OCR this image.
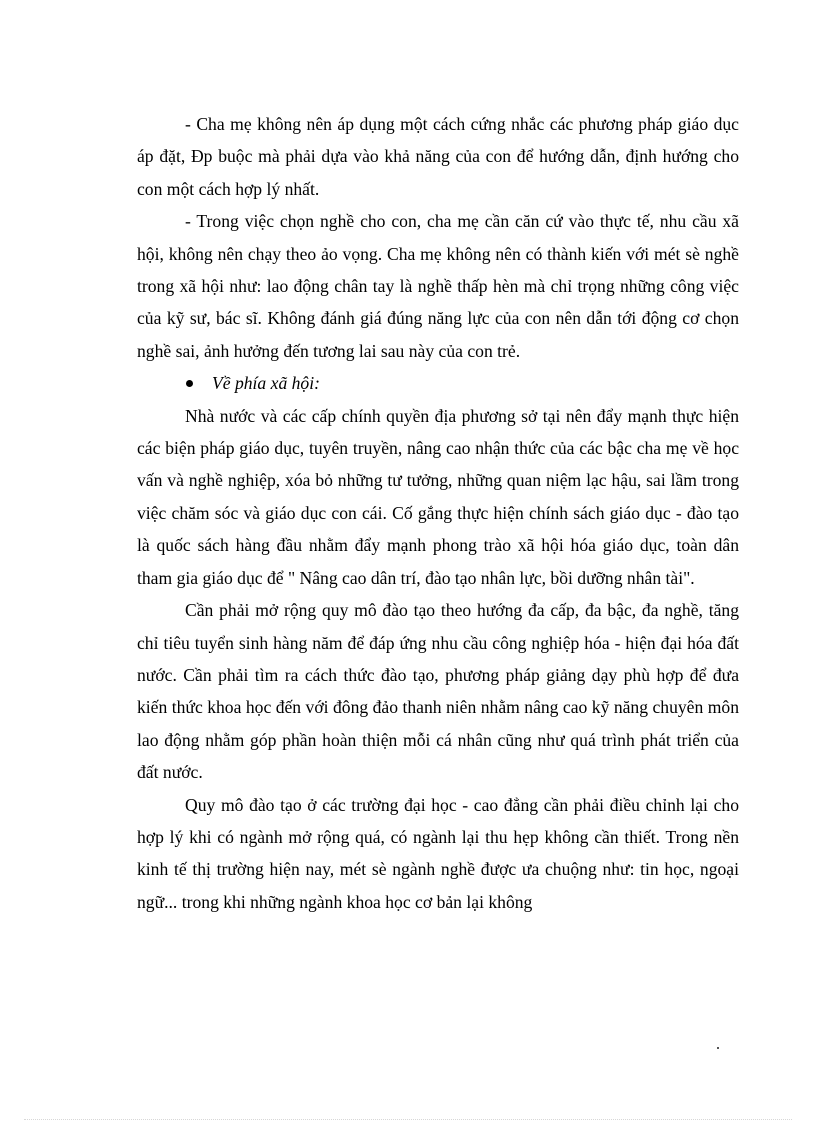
- Cha mẹ không nên áp dụng một cách cứng nhắc các phương pháp giáo dục áp đặt, Đp buộc mà phải dựa vào khả năng của con để hướng dẫn, định hướng cho con một cách hợp lý nhất.

- Trong việc chọn nghề cho con, cha mẹ cần căn cứ vào thực tế, nhu cầu xã hội, không nên chạy theo ảo vọng. Cha mẹ không nên có thành kiến với mét sè nghề trong xã hội như: lao động chân tay là nghề thấp hèn mà chỉ trọng những công việc của kỹ sư, bác sĩ. Không đánh giá đúng năng lực của con nên dẫn tới động cơ chọn nghề sai, ảnh hưởng đến tương lai sau này của con trẻ.

Về phía xã hội:

Nhà nước và các cấp chính quyền địa phương sở tại nên đẩy mạnh thực hiện các biện pháp giáo dục, tuyên truyền, nâng cao nhận thức của các bậc cha mẹ về học vấn và nghề nghiệp, xóa bỏ những tư tưởng, những quan niệm lạc hậu, sai lầm trong việc chăm sóc và giáo dục con cái. Cố gắng thực hiện chính sách giáo dục - đào tạo là quốc sách hàng đầu nhằm đẩy mạnh phong trào xã hội hóa giáo dục, toàn dân tham gia giáo dục để " Nâng cao dân trí, đào tạo nhân lực, bồi dưỡng nhân tài".

Cần phải mở rộng quy mô đào tạo theo hướng đa cấp, đa bậc, đa nghề, tăng chỉ tiêu tuyển sinh hàng năm để đáp ứng nhu cầu công nghiệp hóa - hiện đại hóa đất nước. Cần phải tìm ra cách thức đào tạo, phương pháp giảng dạy phù hợp để đưa kiến thức khoa học đến với đông đảo thanh niên nhằm nâng cao kỹ năng chuyên môn lao động nhằm góp phần hoàn thiện mỗi cá nhân cũng như quá trình phát triển của đất nước.

Quy mô đào tạo ở các trường đại học - cao đẳng cần phải điều chỉnh lại cho hợp lý khi có ngành mở rộng quá, có ngành lại thu hẹp không cần thiết. Trong nền kinh tế thị trường hiện nay, mét sè ngành nghề được ưa chuộng như: tin học, ngoại ngữ... trong khi những ngành khoa học cơ bản lại không
